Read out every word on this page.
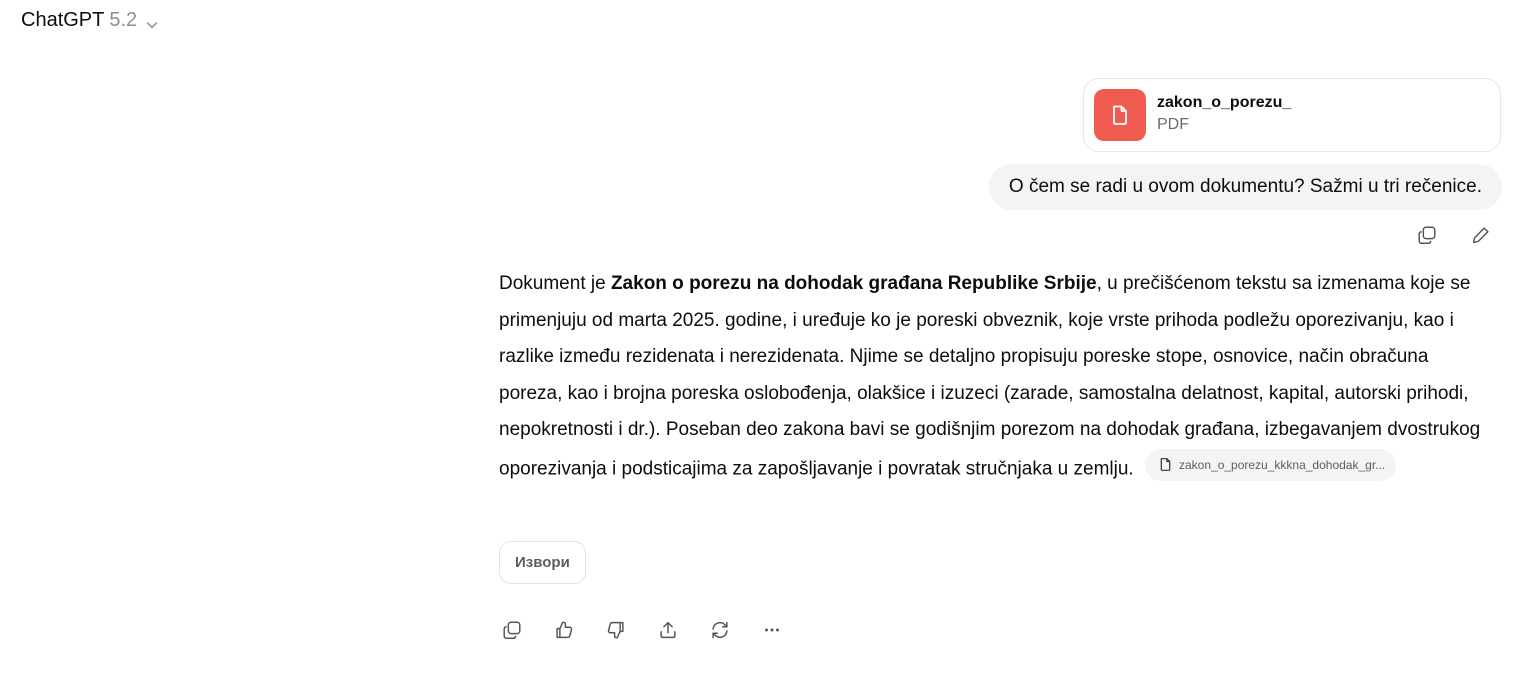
ChatGPT 5.2
zakon_o_porezu_
PDF
O čem se radi u ovom dokumentu? Sažmi u tri rečenice.
Dokument je Zakon o porezu na dohodak građana Republike Srbije, u prečišćenom tekstu sa izmenama koje se primenjuju od marta 2025. godine, i uređuje ko je poreski obveznik, koje vrste prihoda podležu oporezivanju, kao i razlike između rezidenata i nerezidenata. Njime se detaljno propisuju poreske stope, osnovice, način obračuna poreza, kao i brojna poreska oslobođenja, olakšice i izuzeci (zarade, samostalna delatnost, kapital, autorski prihodi, nepokretnosti i dr.). Poseban deo zakona bavi se godišnjim porezom na dohodak građana, izbegavanjem dvostrukog oporezivanja i podsticajima za zapošljavanje i povratak stručnjaka u zemlju.	zakon_o_porezu_kkkna_dohodak_gr...
Извори
